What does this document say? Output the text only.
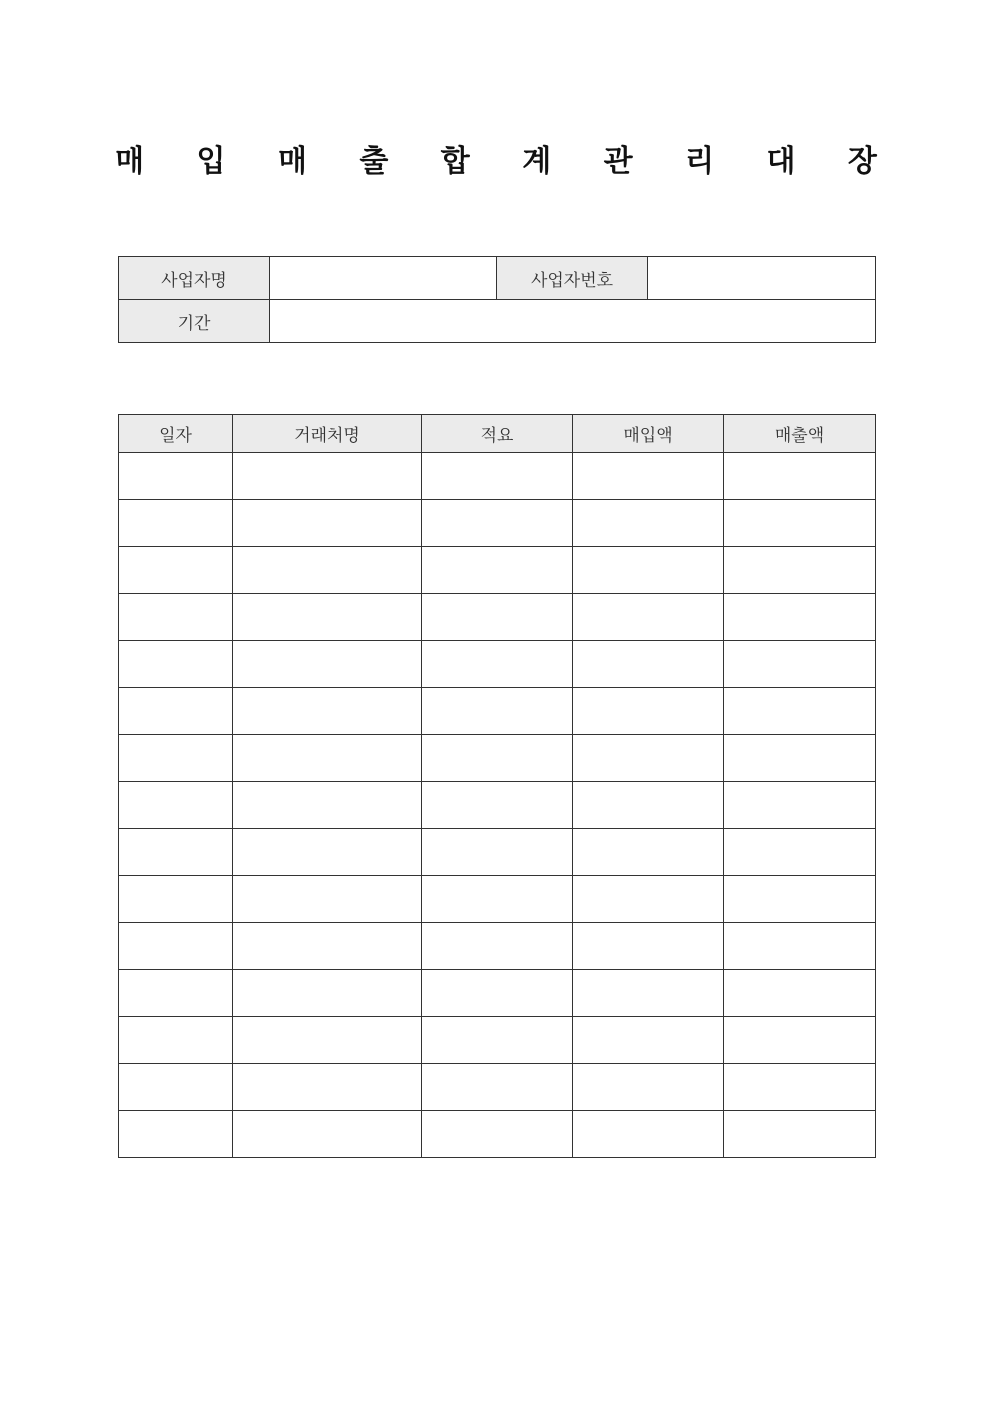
매 입 매 출 합 계 관 리 대 장
사업자명		사업자번호	
기간			
일자	거래처명	적요	매입액	매출액
